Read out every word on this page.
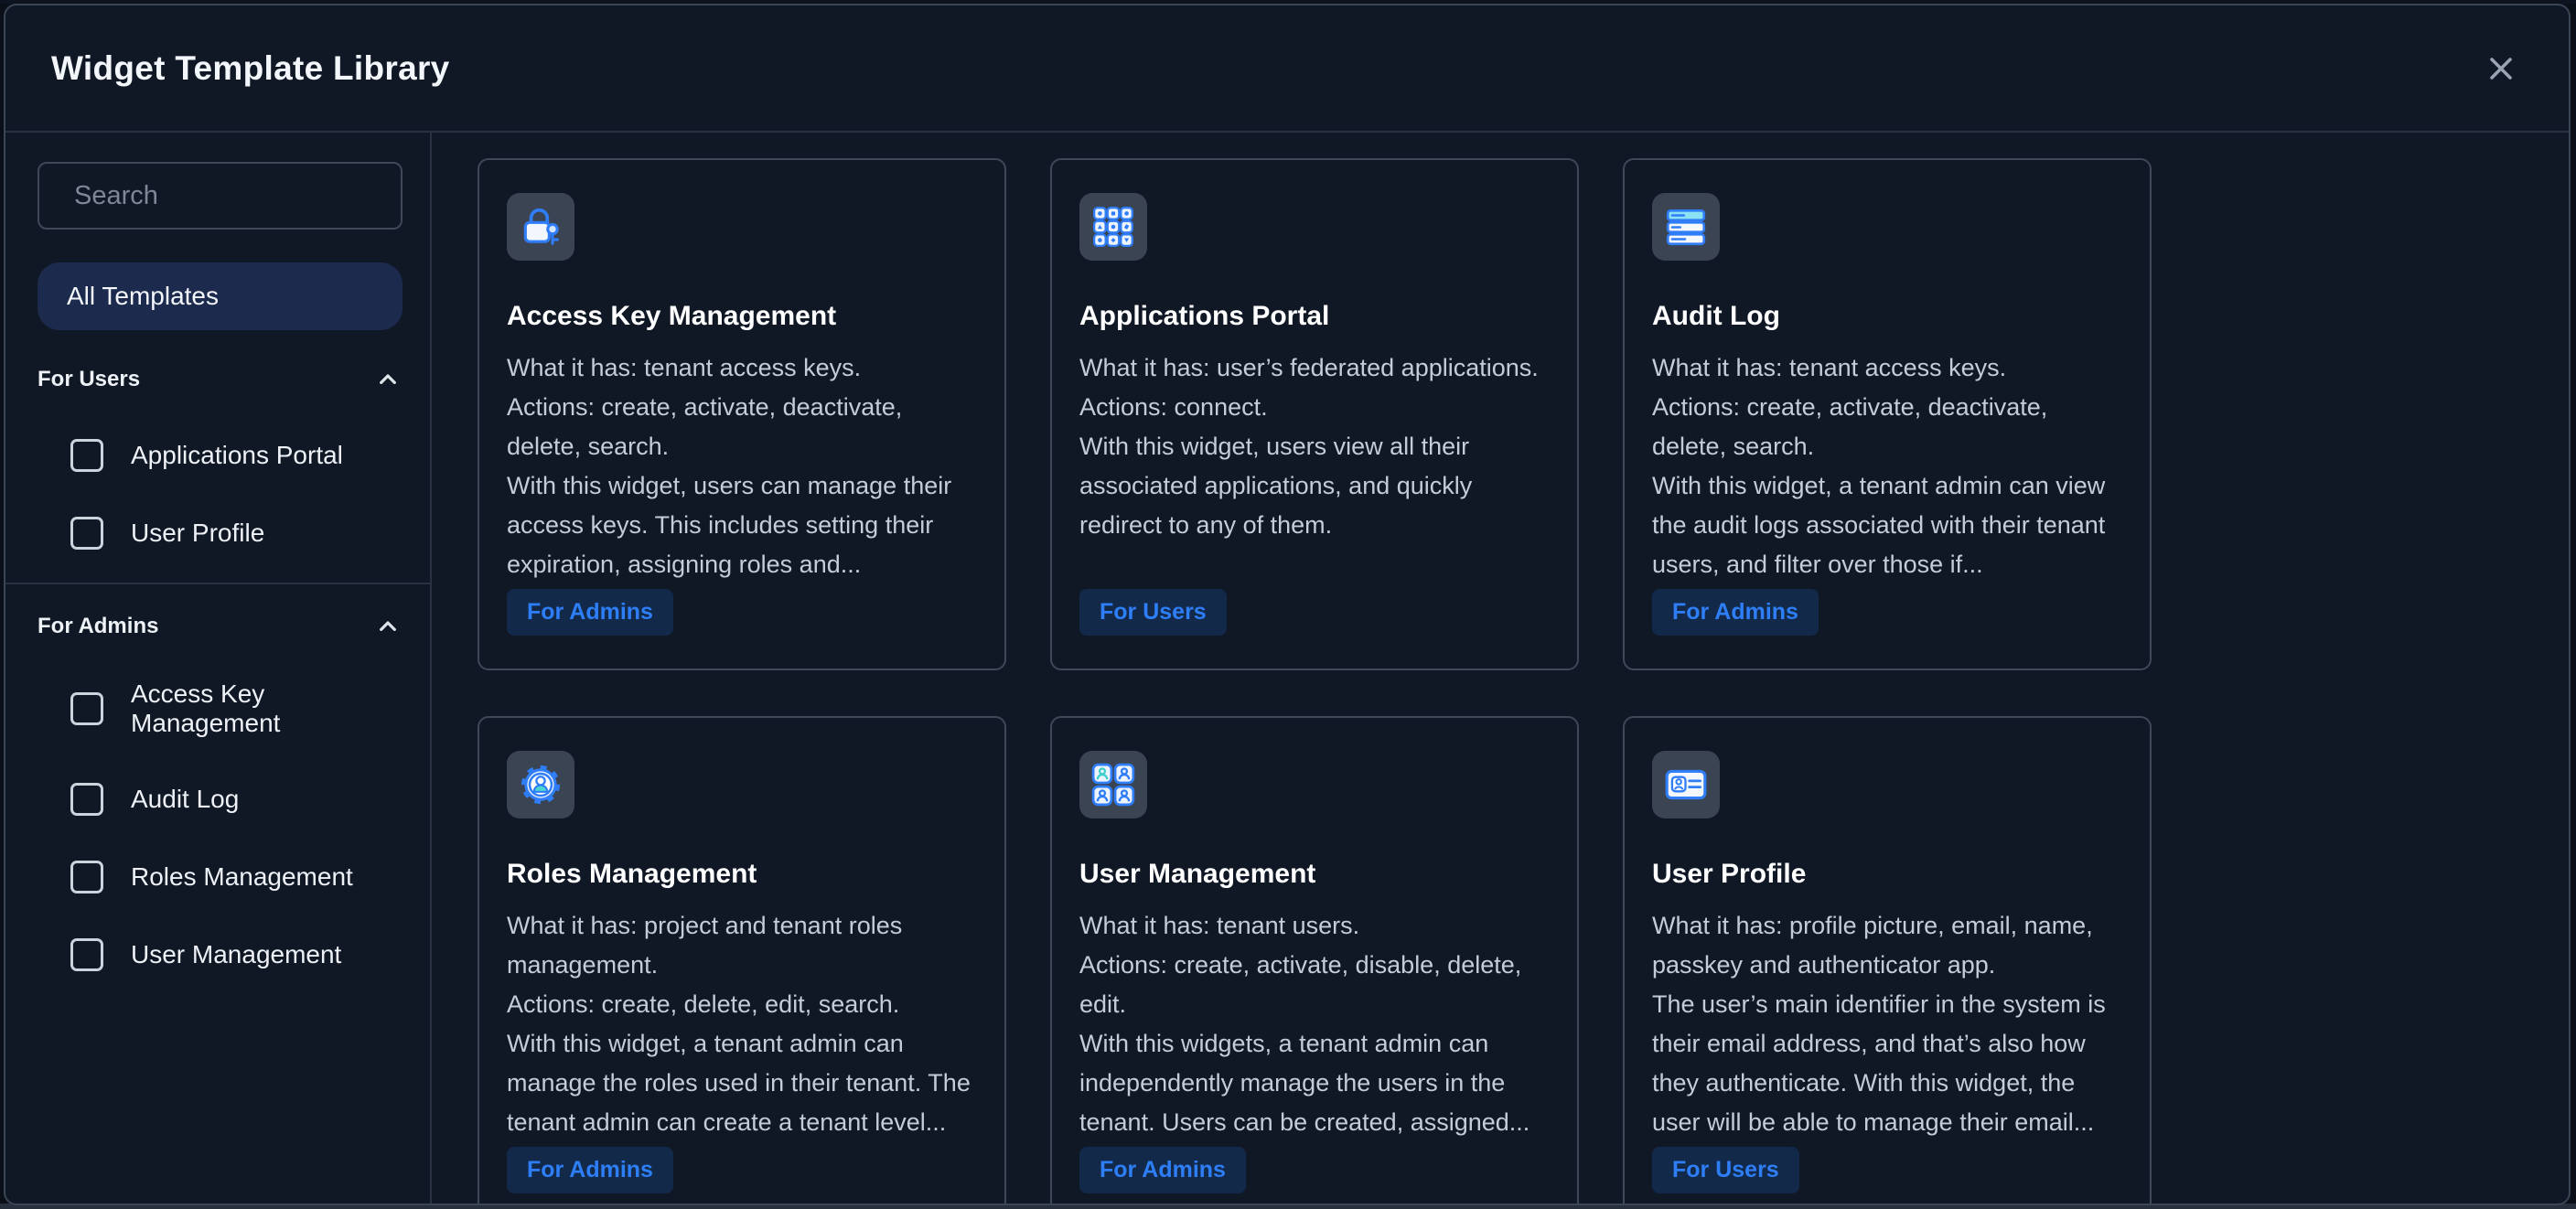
Widget Template Library
Search
All Templates
For Users
Applications Portal
User Profile
For Admins
Access Key Management
Audit Log
Roles Management
User Management
Access Key Management
What it has: tenant access keys.
Actions: create, activate, deactivate, delete, search.
With this widget, users can manage their access keys. This includes setting their expiration, assigning roles and...
For Admins
Applications Portal
What it has: user’s federated applications.
Actions: connect.
With this widget, users view all their associated applications, and quickly redirect to any of them.
For Users
Audit Log
What it has: tenant access keys.
Actions: create, activate, deactivate, delete, search.
With this widget, a tenant admin can view the audit logs associated with their tenant users, and filter over those if...
For Admins
Roles Management
What it has: project and tenant roles management.
Actions: create, delete, edit, search.
With this widget, a tenant admin can manage the roles used in their tenant. The tenant admin can create a tenant level...
For Admins
User Management
What it has: tenant users.
Actions: create, activate, disable, delete, edit.
With this widgets, a tenant admin can independently manage the users in the tenant. Users can be created, assigned...
For Admins
User Profile
What it has: profile picture, email, name, passkey and authenticator app.
The user’s main identifier in the system is their email address, and that’s also how they authenticate. With this widget, the user will be able to manage their email...
For Users
